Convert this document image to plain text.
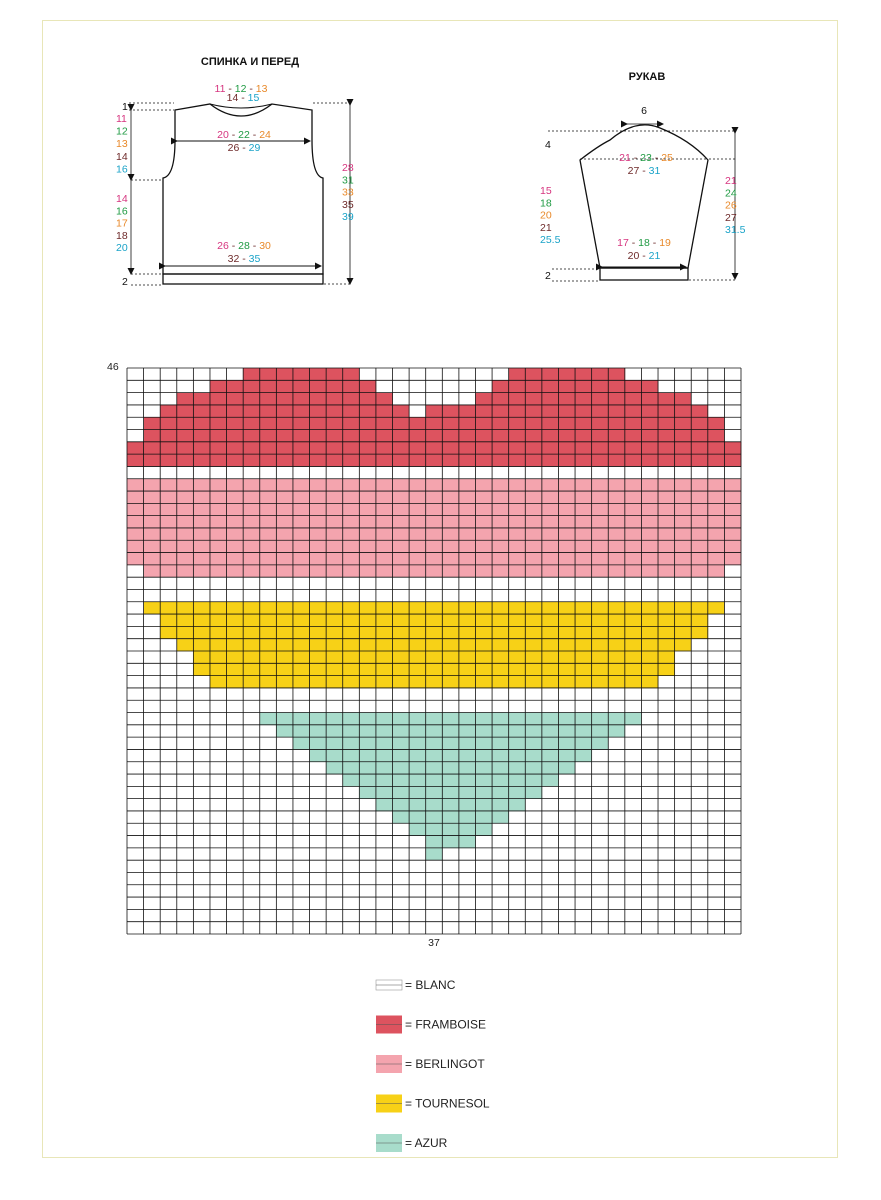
СПИНКА И ПЕРЕД
11 - 12 - 13
14 - 15
20 - 22 - 24
26 - 29
26 - 28 - 30
32 - 35
1
2
11
12
13
14
16
14
16
17
18
20
28
31
33
35
39
РУКАВ
6
4
21 - 23 - 25
27 - 31
17 - 18 - 19
20 - 21
2
15
18
20
21
25.5
21
24
26
27
31.5
46
37
= BLANC
= FRAMBOISE
= BERLINGOT
= TOURNESOL
= AZUR
